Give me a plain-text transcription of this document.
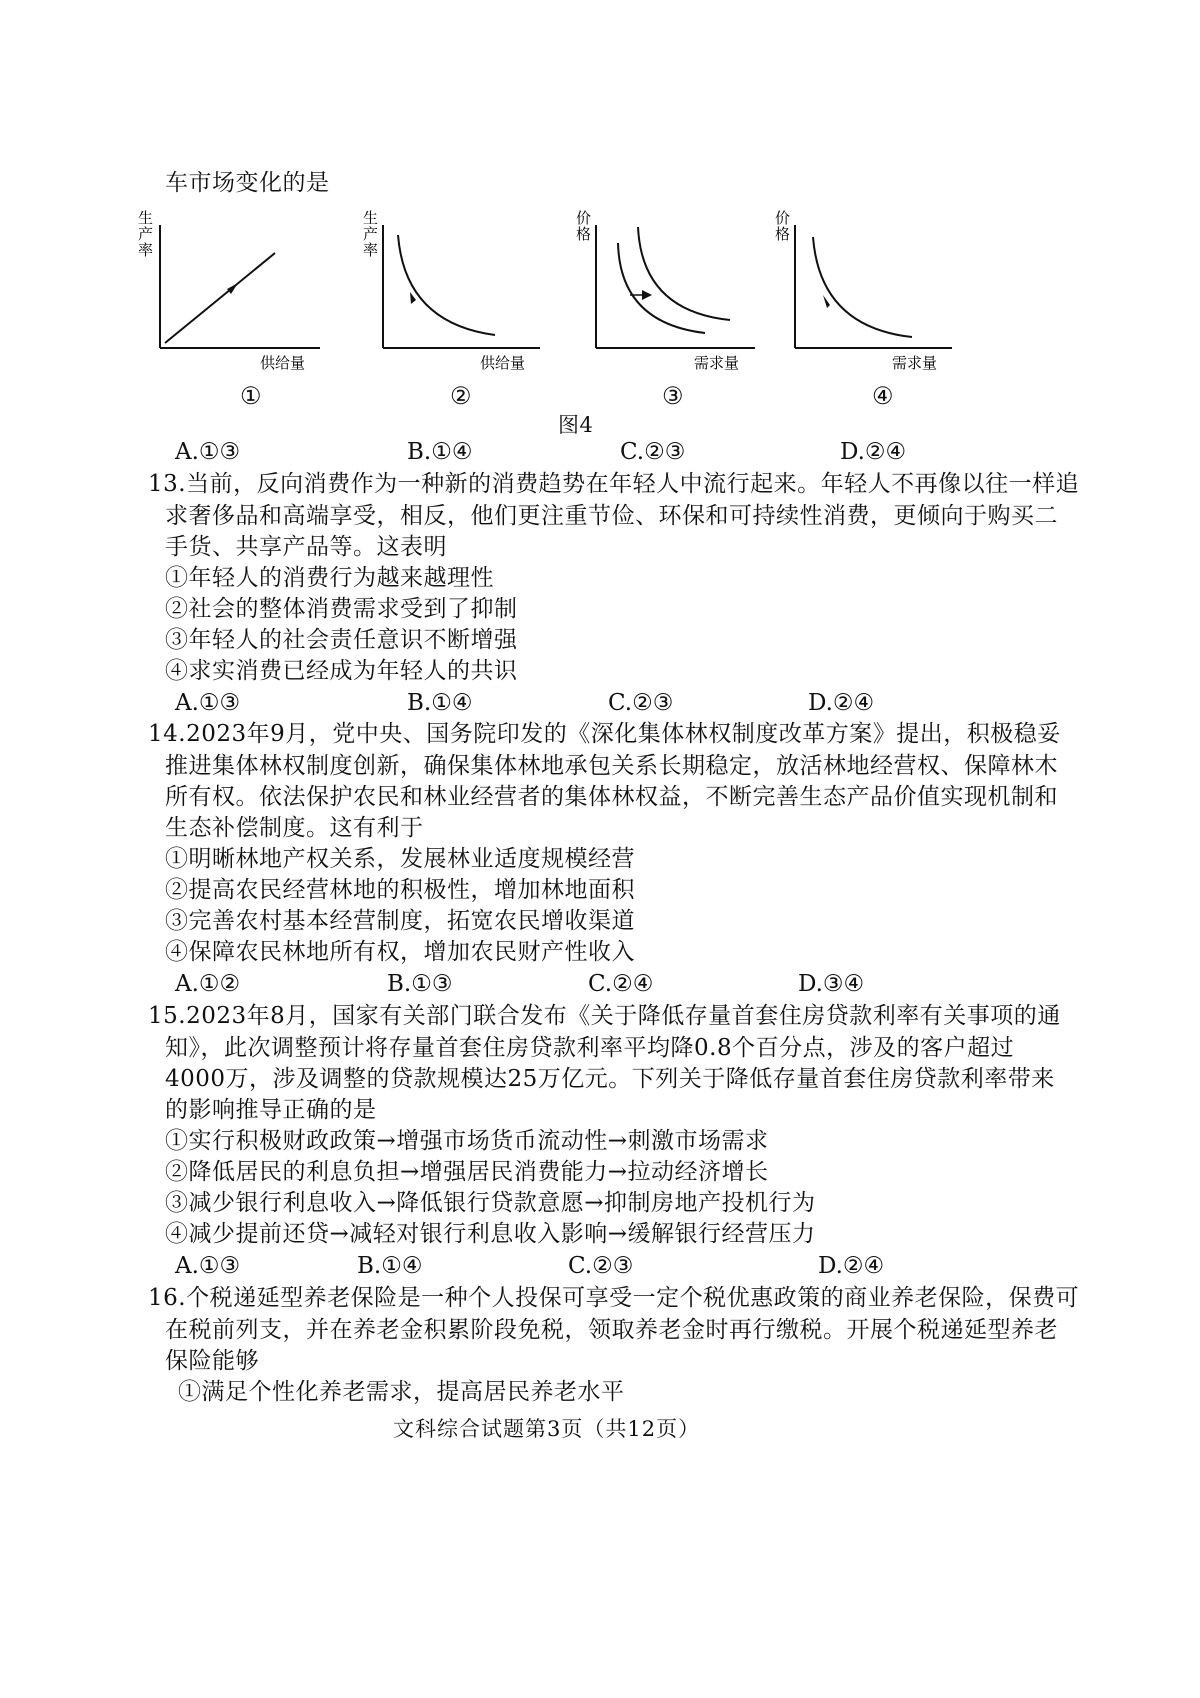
车市场变化的是
生
产
率
供给量
生
产
率
供给量
价
格
需求量
价
格
需求量
①	②	③	④
图4
A.①③	B.①④	C.②③	D.②④
13.当前，反向消费作为一种新的消费趋势在年轻人中流行起来。年轻人不再像以往一样追
求奢侈品和高端享受，相反，他们更注重节俭、环保和可持续性消费，更倾向于购买二
手货、共享产品等。这表明
①年轻人的消费行为越来越理性
②社会的整体消费需求受到了抑制
③年轻人的社会责任意识不断增强
④求实消费已经成为年轻人的共识
A.①③	B.①④	C.②③	D.②④
14.2023年9月，党中央、国务院印发的《深化集体林权制度改革方案》提出，积极稳妥
推进集体林权制度创新，确保集体林地承包关系长期稳定，放活林地经营权、保障林木
所有权。依法保护农民和林业经营者的集体林权益，不断完善生态产品价值实现机制和
生态补偿制度。这有利于
①明晰林地产权关系，发展林业适度规模经营
②提高农民经营林地的积极性，增加林地面积
③完善农村基本经营制度，拓宽农民增收渠道
④保障农民林地所有权，增加农民财产性收入
A.①②	B.①③	C.②④	D.③④
15.2023年8月，国家有关部门联合发布《关于降低存量首套住房贷款利率有关事项的通
知》，此次调整预计将存量首套住房贷款利率平均降0.8个百分点，涉及的客户超过
4000万，涉及调整的贷款规模达25万亿元。下列关于降低存量首套住房贷款利率带来
的影响推导正确的是
①实行积极财政政策→增强市场货币流动性→刺激市场需求
②降低居民的利息负担→增强居民消费能力→拉动经济增长
③减少银行利息收入→降低银行贷款意愿→抑制房地产投机行为
④减少提前还贷→减轻对银行利息收入影响→缓解银行经营压力
A.①③	B.①④	C.②③	D.②④
16.个税递延型养老保险是一种个人投保可享受一定个税优惠政策的商业养老保险，保费可
在税前列支，并在养老金积累阶段免税，领取养老金时再行缴税。开展个税递延型养老
保险能够
①满足个性化养老需求，提高居民养老水平
文科综合试题第3页（共12页）
